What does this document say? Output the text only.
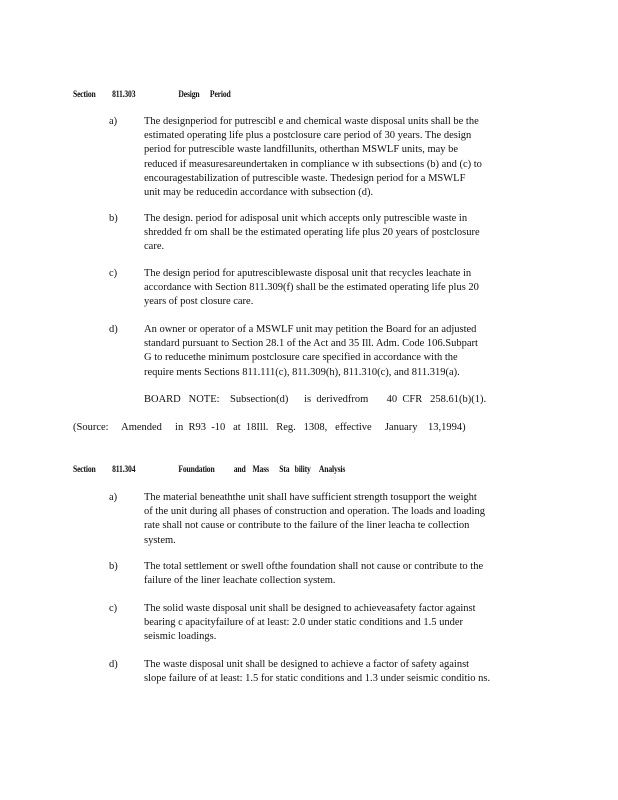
Section 811.303	Design      Period
a)	The designperiod for putrescibl e and chemical waste disposal units shall be the
estimated operating life plus a postclosure care period of 30 years. The design
period for putrescible waste landfillunits, otherthan MSWLF units, may be
reduced if measuresareundertaken in compliance w ith subsections (b) and (c) to
encouragestabilization of putrescible waste. Thedesign period for a MSWLF
unit may be reducedin accordance with subsection (d).
b)	The design. period for adisposal unit which accepts only putrescible waste in
shredded fr om shall be the estimated operating life plus 20 years of postclosure
care.
c)	The design period for aputresciblewaste disposal unit that recycles leachate in
accordance with Section 811.309(f) shall be the estimated operating life plus 20
years of post closure care.
d)	An owner or operator of a MSWLF unit may petition the Board for an adjusted
standard pursuant to Section 28.1 of the Act and 35 Ill. Adm. Code 106.Subpart
G to reducethe minimum postclosure care specified in accordance with the
require ments Sections 811.111(c), 811.309(h), 811.310(c), and 811.319(a).
BOARD   NOTE:    Subsection(d)      is  derivedfrom       40  CFR   258.61(b)(1).
(Source:     Amended     in  R93  -10   at  18Ill.   Reg.   1308,   effective     January    13,1994)
Section 811.304	Foundation           and    Mass      Sta   bility     Analysis
a)	The material beneaththe unit shall have sufficient strength tosupport the weight
of the unit during all phases of construction and operation. The loads and loading
rate shall not cause or contribute to the failure of the liner leacha te collection
system.
b)	The total settlement or swell ofthe foundation shall not cause or contribute to the
failure of the liner leachate collection system.
c)	The solid waste disposal unit shall be designed to achieveasafety factor against
bearing c apacityfailure of at least: 2.0 under static conditions and 1.5 under
seismic loadings.
d)	The waste disposal unit shall be designed to achieve a factor of safety against
slope failure of at least: 1.5 for static conditions and 1.3 under seismic conditio ns.
